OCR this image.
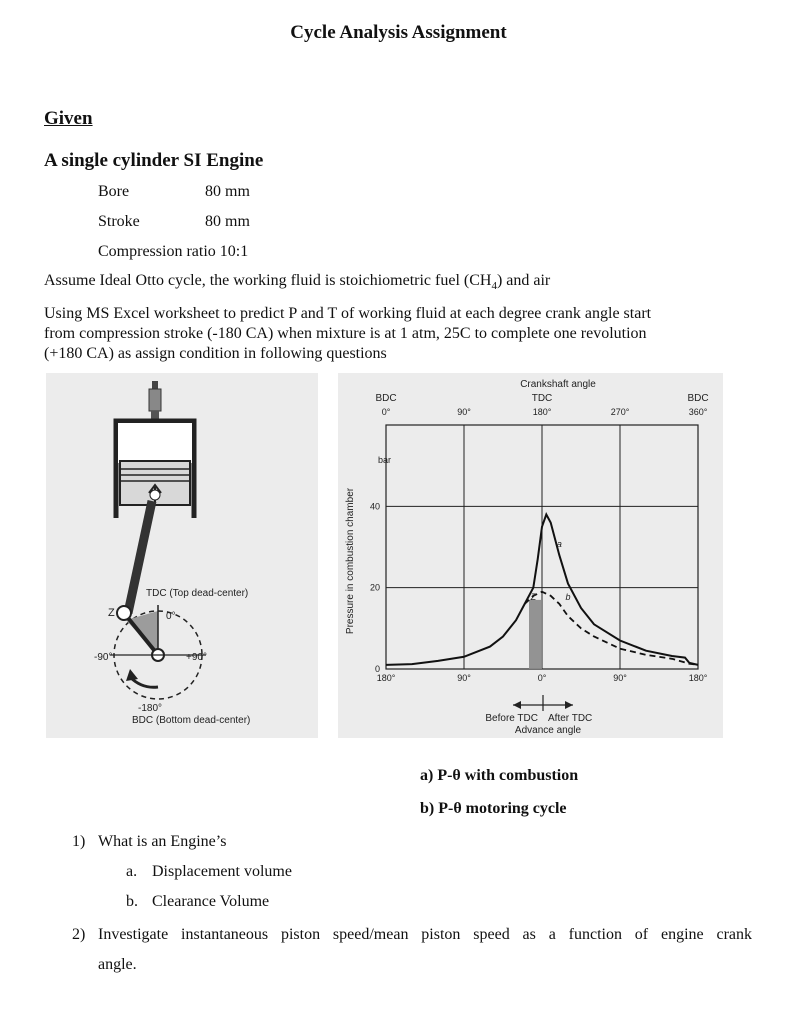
Cycle Analysis Assignment
Given
A single cylinder SI Engine
Bore	80 mm
Stroke	80 mm
Compression ratio 10:1
Assume Ideal Otto cycle, the working fluid is stoichiometric fuel $(CH_4)$ and air
Using MS Excel worksheet to predict P and T of working fluid at each degree crank angle start
from compression stroke (-180 CA) when mixture is at 1 atm, 25C to complete one revolution
(+180 CA) as assign condition in following questions
TDC (Top dead-center)
0°
Z
-90°	+90°
-180°
BDC (Bottom dead-center)
Crankshaft angle
BDC
0°	90°
TDC
180°	270°
BDC
360°
bar
Pressure in combustion chamber
0
20
40
180°	90°	0°	90°	180°
Z
a
b
Before TDC After TDC
Advance angle
a) P-θ with combustion
b) P-θ motoring cycle
1) What is an Engine’s
a. Displacement volume
b. Clearance Volume
2) Investigate instantaneous piston speed/mean piston speed as a function of engine crank
angle.
